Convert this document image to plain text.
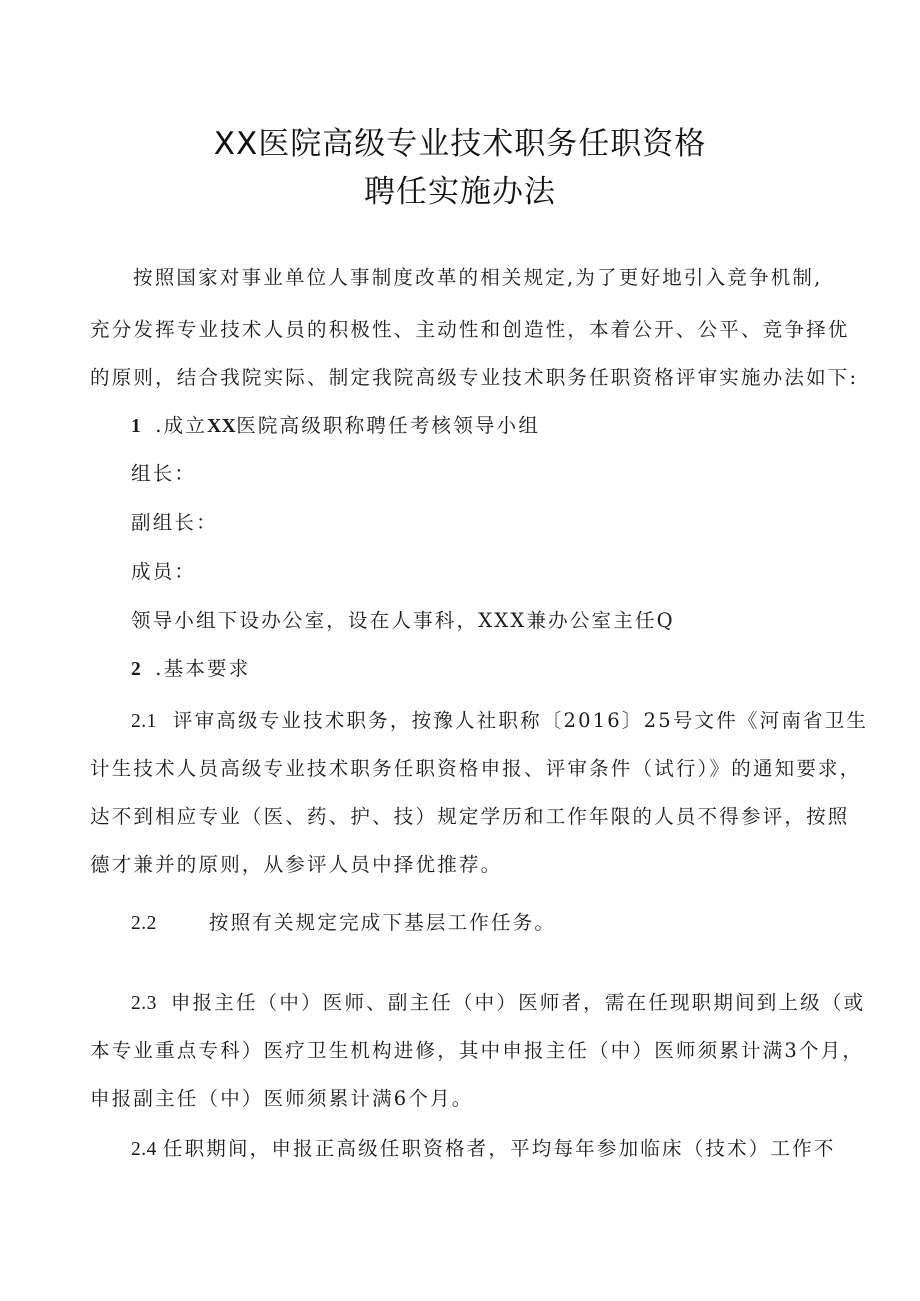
XX医院高级专业技术职务任职资格
聘任实施办法
按照国家对事业单位人事制度改革的相关规定,为了更好地引入竞争机制,
充分发挥专业技术人员的积极性、主动性和创造性，本着公开、公平、竞争择优
的原则，结合我院实际、制定我院高级专业技术职务任职资格评审实施办法如下:
1 .成立XX医院高级职称聘任考核领导小组
组长：
副组长：
成员：
领导小组下设办公室，设在人事科，XXX兼办公室主任Q
2 .基本要求
2.1 评审高级专业技术职务，按豫人社职称〔2016〕25号文件《河南省卫生
计生技术人员高级专业技术职务任职资格申报、评审条件（试行）》的通知要求，
达不到相应专业（医、药、护、技）规定学历和工作年限的人员不得参评，按照
德才兼并的原则，从参评人员中择优推荐。
2.2	按照有关规定完成下基层工作任务。
2.3 申报主任（中）医师、副主任（中）医师者，需在任现职期间到上级（或
本专业重点专科）医疗卫生机构进修，其中申报主任（中）医师须累计满3个月，
申报副主任（中）医师须累计满6个月。
2.4 任职期间，申报正高级任职资格者，平均每年参加临床（技术）工作不
